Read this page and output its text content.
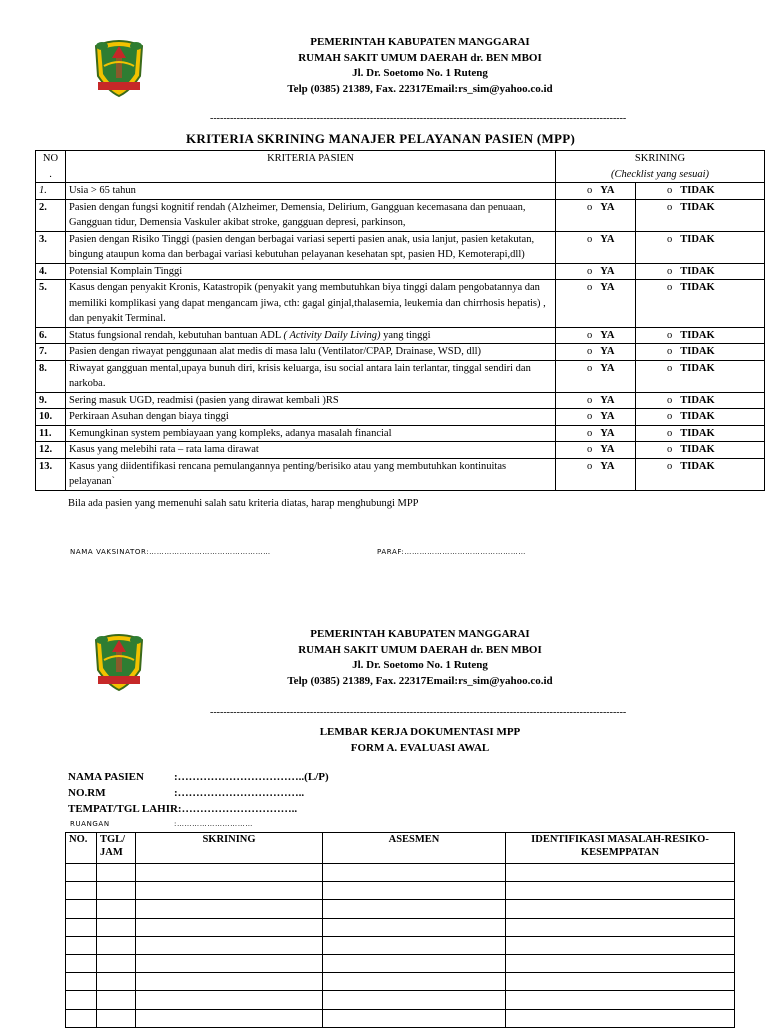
PEMERINTAH KABUPATEN MANGGARAI
RUMAH SAKIT UMUM DAERAH dr. BEN MBOI
Jl. Dr. Soetomo No. 1 Ruteng
Telp (0385) 21389, Fax. 22317Email:rs_sim@yahoo.co.id
-----------------------------------------------------------------------------------------------------------------------------
KRITERIA SKRINING MANAJER PELAYANAN PASIEN (MPP)
NO
.	KRITERIA PASIEN	SKRINING
(Checklist yang sesuai)	
1.	Usia > 65 tahun	o YA	o TIDAK
2.	Pasien dengan fungsi kognitif rendah (Alzheimer, Demensia, Delirium, Gangguan kecemasana dan penuaan, Gangguan tidur, Demensia Vaskuler akibat stroke, gangguan depresi, parkinson,	o YA	o TIDAK
3.	Pasien dengan Risiko Tinggi (pasien dengan berbagai variasi seperti pasien anak, usia lanjut, pasien ketakutan, bingung ataupun koma dan berbagai variasi kebutuhan pelayanan kesehatan spt, pasien HD, Kemoterapi,dll)	o YA	o TIDAK
4.	Potensial Komplain Tinggi	o YA	o TIDAK
5.	Kasus dengan penyakit Kronis, Katastropik (penyakit yang membutuhkan biya tinggi dalam pengobatannya dan memiliki komplikasi yang dapat mengancam jiwa, cth: gagal ginjal,thalasemia, leukemia dan chirrhosis hepatis) , dan penyakit Terminal.	o YA	o TIDAK
6.	Status fungsional rendah, kebutuhan bantuan ADL ( Activity Daily Living) yang tinggi	o YA	o TIDAK
7.	Pasien dengan riwayat penggunaan alat medis di masa lalu (Ventilator/CPAP, Drainase, WSD, dll)	o YA	o TIDAK
8.	Riwayat gangguan mental,upaya bunuh diri, krisis keluarga, isu social antara lain terlantar, tinggal sendiri dan narkoba.	o YA	o TIDAK
9.	Sering masuk UGD, readmisi (pasien yang dirawat kembali )RS	o YA	o TIDAK
10.	Perkiraan Asuhan dengan biaya tinggi	o YA	o TIDAK
11.	Kemungkinan system pembiayaan yang kompleks, adanya masalah financial	o YA	o TIDAK
12.	Kasus yang melebihi rata – rata lama dirawat	o YA	o TIDAK
13.	Kasus yang diidentifikasi rencana pemulangannya penting/berisiko atau yang membutuhkan kontinuitas pelayanan`	o YA	o TIDAK
Bila ada pasien yang memenuhi salah satu kriteria diatas, harap menghubungi MPP
NAMA VAKSINATOR:…………………………………………	PARAF:…………………………………………
PEMERINTAH KABUPATEN MANGGARAI
RUMAH SAKIT UMUM DAERAH dr. BEN MBOI
Jl. Dr. Soetomo No. 1 Ruteng
Telp (0385) 21389, Fax. 22317Email:rs_sim@yahoo.co.id
-----------------------------------------------------------------------------------------------------------------------------
LEMBAR KERJA DOKUMENTASI MPP
FORM A. EVALUASI AWAL
NAMA PASIEN	:……………………………..(L/P)
NO.RM	:……………………………..
TEMPAT/TGL LAHIR:…………………………..
RUANGAN	:…………………………
NO.	TGL/ JAM	SKRINING	ASESMEN	IDENTIFIKASI MASALAH-RESIKO-KESEMPPATAN
